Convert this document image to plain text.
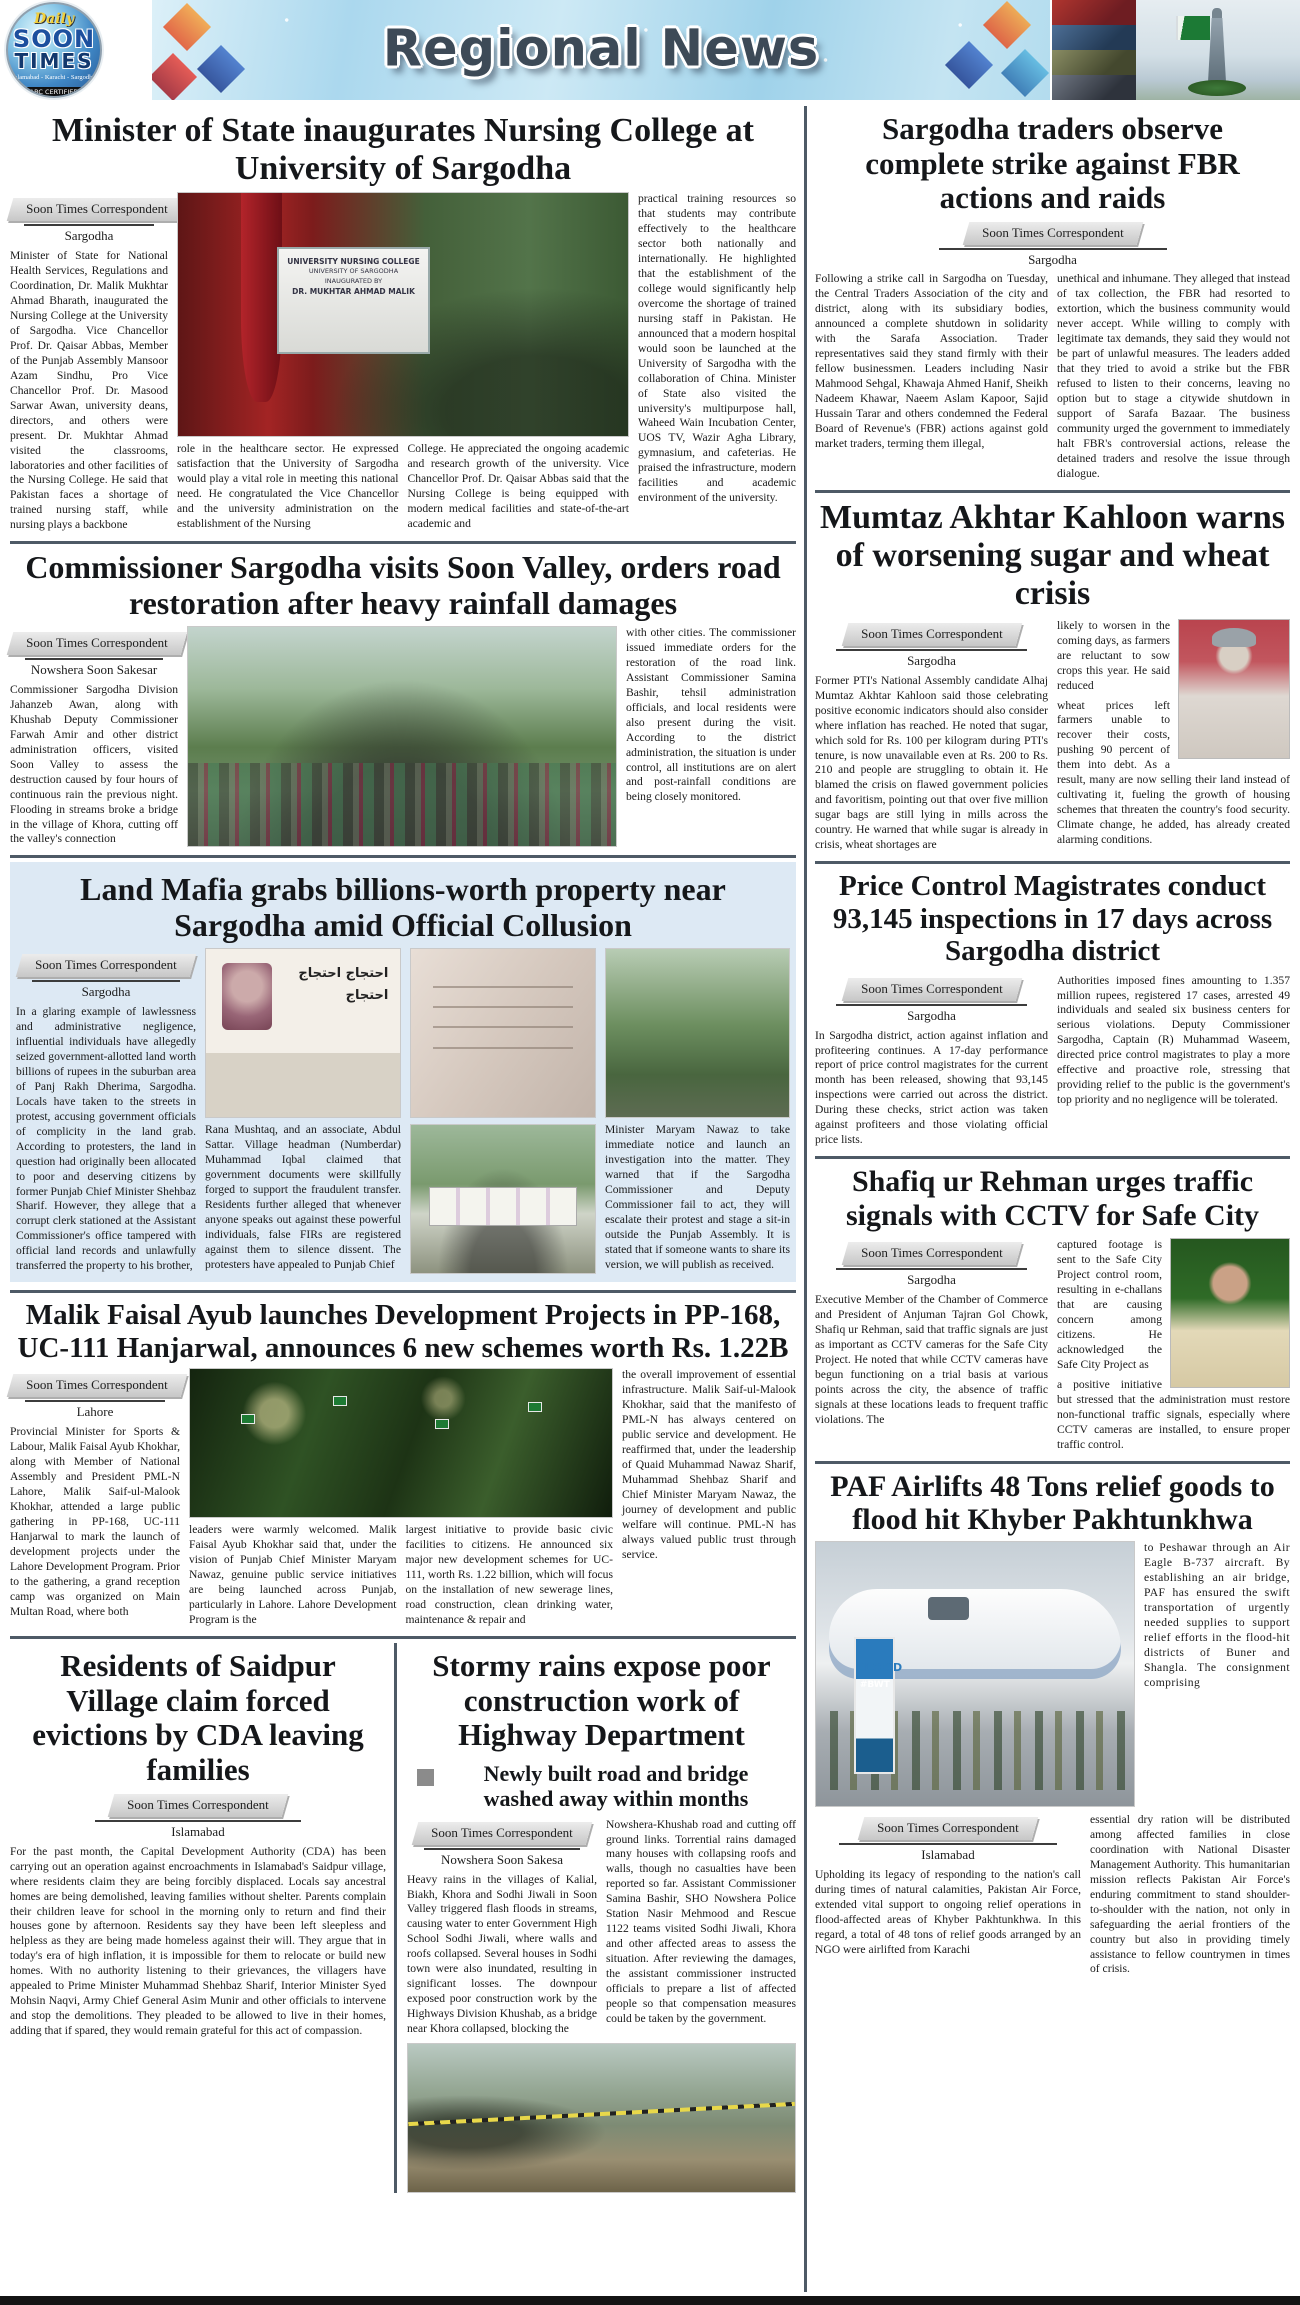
Daily
SOON
TIMES
Islamabad - Karachi - Sargodha
ABC CERTIFIED
Regional News
Minister of State inaugurates Nursing College at University of Sargodha
Soon Times Correspondent
Sargodha

Minister of State for National Health Services, Regulations and Coordination, Dr. Malik Mukhtar Ahmad Bharath, inaugurated the Nursing College at the University of Sargodha. Vice Chancellor Prof. Dr. Qaisar Abbas, Member of the Punjab Assembly Mansoor Azam Sindhu, Pro Vice Chancellor Prof. Dr. Masood Sarwar Awan, university deans, directors, and others were present. Dr. Mukhtar Ahmad visited the classrooms, laboratories and other facilities of the Nursing College. He said that Pakistan faces a shortage of trained nursing staff, while nursing plays a backbone

UNIVERSITY NURSING COLLEGE
UNIVERSITY OF SARGODHA
INAUGURATED BY
DR. MUKHTAR AHMAD MALIK

role in the healthcare sector. He expressed satisfaction that the University of Sargodha would play a vital role in meeting this national need. He congratulated the Vice Chancellor and the university administration on the establishment of the Nursing

College. He appreciated the ongoing academic and research growth of the university. Vice Chancellor Prof. Dr. Qaisar Abbas said that the Nursing College is being equipped with modern medical facilities and state-of-the-art academic and

practical training resources so that students may contribute effectively to the healthcare sector both nationally and internationally. He highlighted that the establishment of the college would significantly help overcome the shortage of trained nursing staff in Pakistan. He announced that a modern hospital would soon be launched at the University of Sargodha with the collaboration of China. Minister of State also visited the university's multipurpose hall, Waheed Wain Incubation Center, UOS TV, Wazir Agha Library, gymnasium, and cafeterias. He praised the infrastructure, modern facilities and academic environment of the university.

Commissioner Sargodha visits Soon Valley, orders road restoration after heavy rainfall damages
Soon Times Correspondent
Nowshera Soon Sakesar

Commissioner Sargodha Division Jahanzeb Awan, along with Khushab Deputy Commissioner Farwah Amir and other district administration officers, visited Soon Valley to assess the destruction caused by four hours of continuous rain the previous night. Flooding in streams broke a bridge in the village of Khora, cutting off the valley's connection

with other cities. The commissioner issued immediate orders for the restoration of the road link. Assistant Commissioner Samina Bashir, tehsil administration officials, and local residents were also present during the visit. According to the district administration, the situation is under control, all institutions are on alert and post-rainfall conditions are being closely monitored.

Land Mafia grabs billions-worth property near Sargodha amid Official Collusion
Soon Times Correspondent
Sargodha

In a glaring example of lawlessness and administrative negligence, influential individuals have allegedly seized government-allotted land worth billions of rupees in the suburban area of Panj Rakh Dherima, Sargodha. Locals have taken to the streets in protest, accusing government officials of complicity in the land grab. According to protesters, the land in question had originally been allocated to poor and deserving citizens by former Punjab Chief Minister Shehbaz Sharif. However, they allege that a corrupt clerk stationed at the Assistant Commissioner's office tampered with official land records and unlawfully transferred the property to his brother,

احتجاج احتجاج احتجاج

Rana Mushtaq, and an associate, Abdul Sattar. Village headman (Numberdar) Muhammad Iqbal claimed that government documents were skillfully forged to support the fraudulent transfer. Residents further alleged that whenever anyone speaks out against these powerful individuals, false FIRs are registered against them to silence dissent. The protesters have appealed to Punjab Chief

Minister Maryam Nawaz to take immediate notice and launch an investigation into the matter. They warned that if the Sargodha Commissioner and Deputy Commissioner fail to act, they will escalate their protest and stage a sit-in outside the Punjab Assembly. It is stated that if someone wants to share its version, we will publish as received.

Malik Faisal Ayub launches Development Projects in PP-168, UC-111 Hanjarwal, announces 6 new schemes worth Rs. 1.22B
Soon Times Correspondent
Lahore

Provincial Minister for Sports & Labour, Malik Faisal Ayub Khokhar, along with Member of National Assembly and President PML-N Lahore, Malik Saif-ul-Malook Khokhar, attended a large public gathering in PP-168, UC-111 Hanjarwal to mark the launch of development projects under the Lahore Development Program. Prior to the gathering, a grand reception camp was organized on Main Multan Road, where both

leaders were warmly welcomed. Malik Faisal Ayub Khokhar said that, under the vision of Punjab Chief Minister Maryam Nawaz, genuine public service initiatives are being launched across Punjab, particularly in Lahore. Lahore Development Program is the

largest initiative to provide basic civic facilities to citizens. He announced six major new development schemes for UC-111, worth Rs. 1.22 billion, which will focus on the installation of new sewerage lines, road construction, clean drinking water, maintenance & repair and

the overall improvement of essential infrastructure. Malik Saif-ul-Malook Khokhar, said that the manifesto of PML-N has always centered on public service and development. He reaffirmed that, under the leadership of Quaid Muhammad Nawaz Sharif, Muhammad Shehbaz Sharif and Chief Minister Maryam Nawaz, the journey of development and public welfare will continue. PML-N has always valued public trust through service.

Residents of Saidpur Village claim forced evictions by CDA leaving families
Soon Times Correspondent
Islamabad

For the past month, the Capital Development Authority (CDA) has been carrying out an operation against encroachments in Islamabad's Saidpur village, where residents claim they are being forcibly displaced. Locals say ancestral homes are being demolished, leaving families without shelter. Parents complain their children leave for school in the morning only to return and find their houses gone by afternoon. Residents say they have been left sleepless and helpless as they are being made homeless against their will. They argue that in today's era of high inflation, it is impossible for them to relocate or build new homes. With no authority listening to their grievances, the villagers have appealed to Prime Minister Muhammad Shehbaz Sharif, Interior Minister Syed Mohsin Naqvi, Army Chief General Asim Munir and other officials to intervene and stop the demolitions. They pleaded to be allowed to live in their homes, adding that if spared, they would remain grateful for this act of compassion.

Stormy rains expose poor construction work of Highway Department
Newly built road and bridge washed away within months
Soon Times Correspondent
Nowshera Soon Sakesa

Heavy rains in the villages of Kalial, Biakh, Khora and Sodhi Jiwali in Soon Valley triggered flash floods in streams, causing water to enter Government High School Sodhi Jiwali, where walls and roofs collapsed. Several houses in Sodhi town were also inundated, resulting in significant losses. The downpour exposed poor construction work by the Highways Division Khushab, as a bridge near Khora collapsed, blocking the

Nowshera-Khushab road and cutting off ground links. Torrential rains damaged many houses with collapsing roofs and walls, though no casualties have been reported so far. Assistant Commissioner Samina Bashir, SHO Nowshera Police Station Nasir Mehmood and Rescue 1122 teams visited Sodhi Jiwali, Khora and other affected areas to assess the situation. After reviewing the damages, the assistant commissioner instructed officials to prepare a list of affected people so that compensation measures could be taken by the government.

Sargodha traders observe complete strike against FBR actions and raids
Soon Times Correspondent
Sargodha

Following a strike call in Sargodha on Tuesday, the Central Traders Association of the city and district, along with its subsidiary bodies, announced a complete shutdown in solidarity with the Sarafa Association. Trader representatives said they stand firmly with their fellow businessmen. Leaders including Nasir Mahmood Sehgal, Khawaja Ahmed Hanif, Sheikh Nadeem Khawar, Naeem Aslam Kapoor, Sajid Hussain Tarar and others condemned the Federal Board of Revenue's (FBR) actions against gold market traders, terming them illegal,

unethical and inhumane. They alleged that instead of tax collection, the FBR had resorted to extortion, which the business community would never accept. While willing to comply with legitimate tax demands, they said they would not be part of unlawful measures. The leaders added that they tried to avoid a strike but the FBR refused to listen to their concerns, leaving no option but to stage a citywide shutdown in support of Sarafa Bazaar. The business community urged the government to immediately halt FBR's controversial actions, release the detained traders and resolve the issue through dialogue.

Mumtaz Akhtar Kahloon warns of worsening sugar and wheat crisis
Soon Times Correspondent
Sargodha

Former PTI's National Assembly candidate Alhaj Mumtaz Akhtar Kahloon said those celebrating positive economic indicators should also consider where inflation has reached. He noted that sugar, which sold for Rs. 100 per kilogram during PTI's tenure, is now unavailable even at Rs. 200 to Rs. 210 and people are struggling to obtain it. He blamed the crisis on flawed government policies and favoritism, pointing out that over five million sugar bags are still lying in mills across the country. He warned that while sugar is already in crisis, wheat shortages are

likely to worsen in the coming days, as farmers are reluctant to sow crops this year. He said reduced

wheat prices left farmers unable to recover their costs, pushing 90 percent of them into debt. As a result, many are now selling their land instead of cultivating it, fueling the growth of housing schemes that threaten the country's food security. Climate change, he added, has already created alarming conditions.

Price Control Magistrates conduct 93,145 inspections in 17 days across Sargodha district
Soon Times Correspondent
Sargodha

In Sargodha district, action against inflation and profiteering continues. A 17-day performance report of price control magistrates for the current month has been released, showing that 93,145 inspections were carried out across the district. During these checks, strict action was taken against profiteers and those violating official price lists.

Authorities imposed fines amounting to 1.357 million rupees, registered 17 cases, arrested 49 individuals and sealed six business centers for serious violations. Deputy Commissioner Sargodha, Captain (R) Muhammad Waseem, directed price control magistrates to play a more effective and proactive role, stressing that providing relief to the public is the government's top priority and no negligence will be tolerated.

Shafiq ur Rehman urges traffic signals with CCTV for Safe City
Soon Times Correspondent
Sargodha

Executive Member of the Chamber of Commerce and President of Anjuman Tajran Gol Chowk, Shafiq ur Rehman, said that traffic signals are just as important as CCTV cameras for the Safe City Project. He noted that while CCTV cameras have begun functioning on a trial basis at various points across the city, the absence of traffic signals at these locations leads to frequent traffic violations. The

captured footage is sent to the Safe City Project control room, resulting in e-challans that are causing concern among citizens. He acknowledged the Safe City Project as

a positive initiative but stressed that the administration must restore non-functional traffic signals, especially where CCTV cameras are installed, to ensure proper traffic control.

PAF Airlifts 48 Tons relief goods to flood hit Khyber Pakhtunkhwa
FLOOD
#BWT

to Peshawar through an Air Eagle B-737 aircraft. By establishing an air bridge, PAF has ensured the swift transportation of urgently needed supplies to support relief efforts in the flood-hit districts of Buner and Shangla. The consignment comprising

Soon Times Correspondent
Islamabad

Upholding its legacy of responding to the nation's call during times of natural calamities, Pakistan Air Force, extended vital support to ongoing relief operations in flood-affected areas of Khyber Pakhtunkhwa. In this regard, a total of 48 tons of relief goods arranged by an NGO were airlifted from Karachi

essential dry ration will be distributed among affected families in close coordination with National Disaster Management Authority. This humanitarian mission reflects Pakistan Air Force's enduring commitment to stand shoulder-to-shoulder with the nation, not only in safeguarding the aerial frontiers of the country but also in providing timely assistance to fellow countrymen in times of crisis.
